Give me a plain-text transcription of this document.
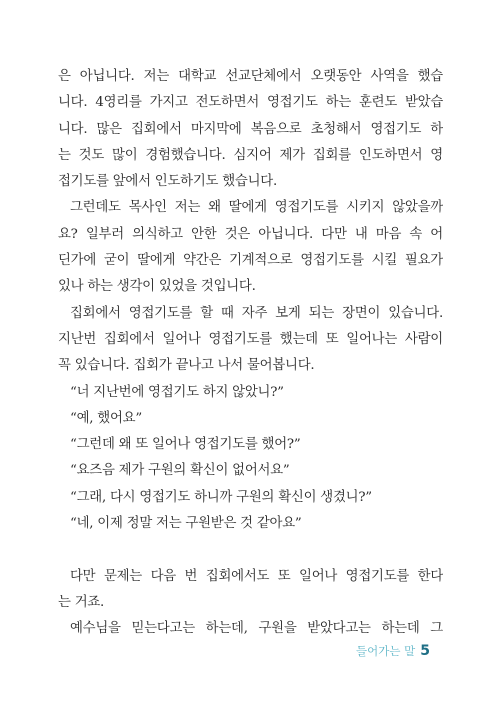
은 아닙니다. 저는 대학교 선교단체에서 오랫동안 사역을 했습
니다. 4영리를 가지고 전도하면서 영접기도 하는 훈련도 받았습
니다. 많은 집회에서 마지막에 복음으로 초청해서 영접기도 하
는 것도 많이 경험했습니다. 심지어 제가 집회를 인도하면서 영
접기도를 앞에서 인도하기도 했습니다.
그런데도 목사인 저는 왜 딸에게 영접기도를 시키지 않았을까
요? 일부러 의식하고 안한 것은 아닙니다. 다만 내 마음 속 어
딘가에 굳이 딸에게 약간은 기계적으로 영접기도를 시킬 필요가
있나 하는 생각이 있었을 것입니다.
집회에서 영접기도를 할 때 자주 보게 되는 장면이 있습니다.
지난번 집회에서 일어나 영접기도를 했는데 또 일어나는 사람이
꼭 있습니다. 집회가 끝나고 나서 물어봅니다.
“너 지난번에 영접기도 하지 않았니?”
“예, 했어요”
“그런데 왜 또 일어나 영접기도를 했어?”
“요즈음 제가 구원의 확신이 없어서요”
“그래, 다시 영접기도 하니까 구원의 확신이 생겼니?”
“네, 이제 정말 저는 구원받은 것 같아요”
다만 문제는 다음 번 집회에서도 또 일어나 영접기도를 한다
는 거죠.
예수님을 믿는다고는 하는데, 구원을 받았다고는 하는데 그
들어가는 말 5
